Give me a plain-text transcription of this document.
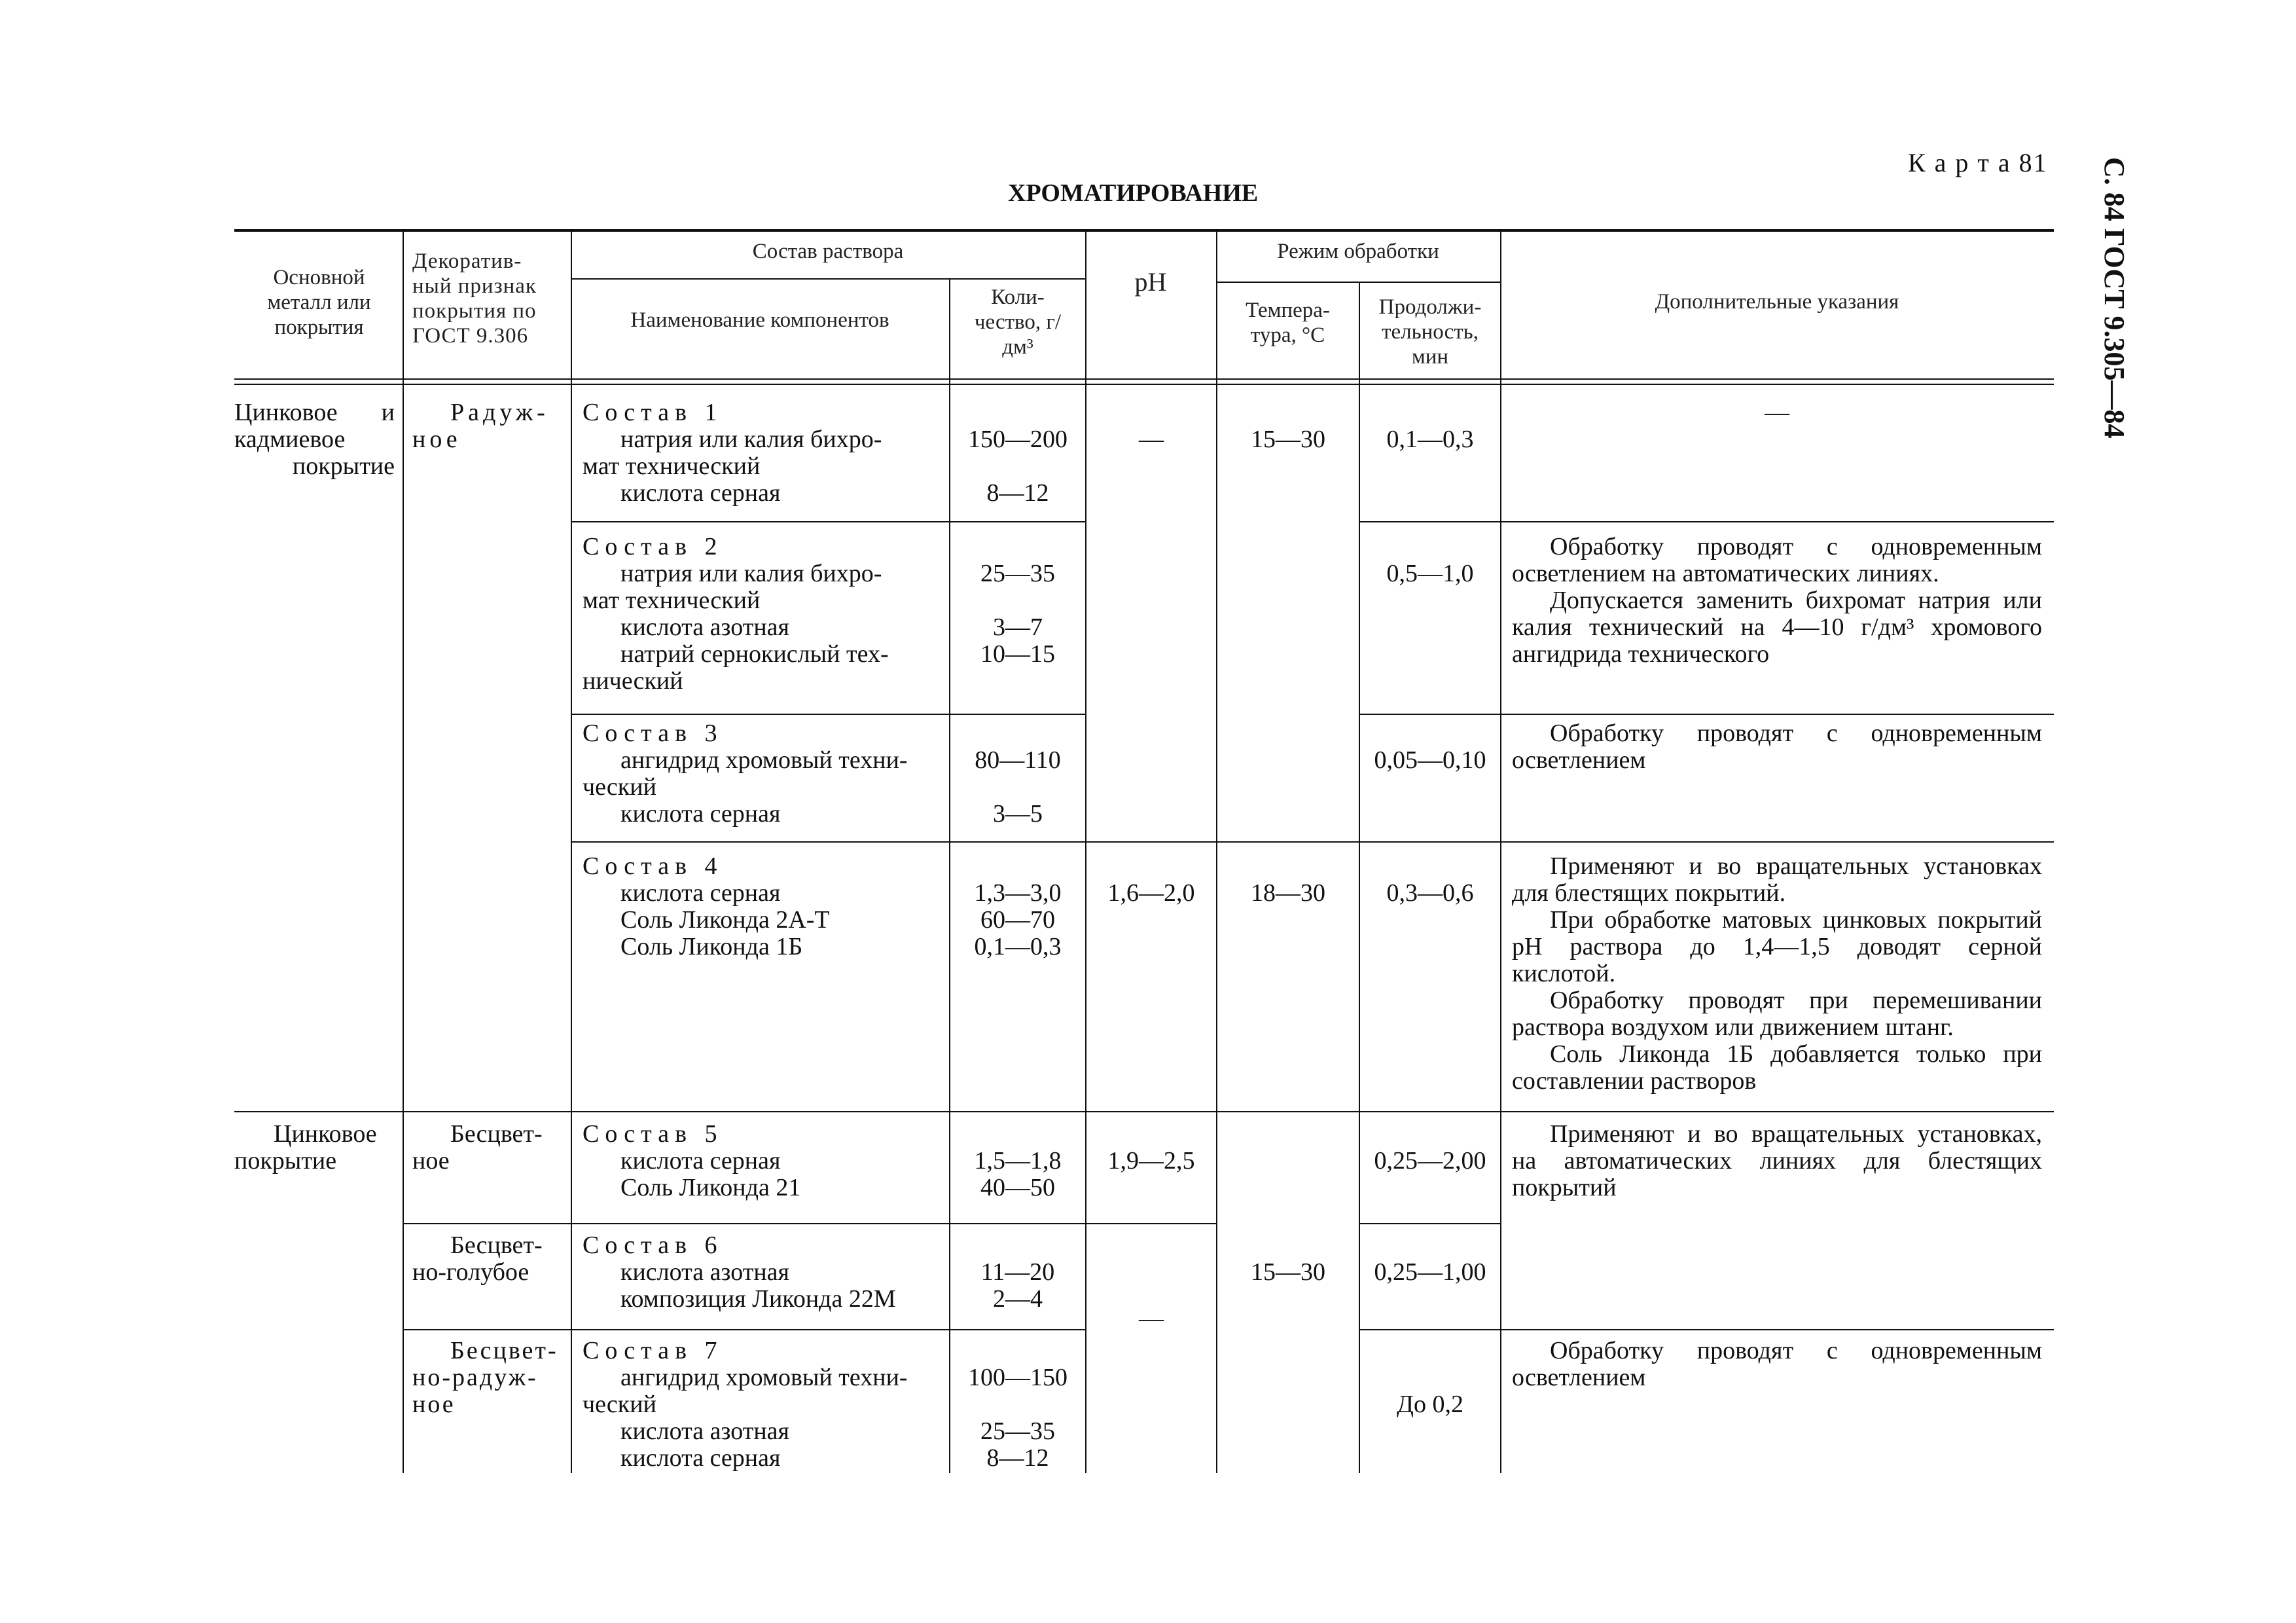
К а р т а 81 С. 84 ГОСТ 9.305—84
ХРОМАТИРОВАНИЕ
Основной металл или покрытия
Декоратив- ный признак покрытия по ГОСТ 9.306
Состав раствора
Наименование компонентов
Коли- чество, г/дм³
pH
Режим обработки
Темпера- тура, °С
Продолжи- тельность, мин
Дополнительные указания
Цинковое и кадмиевое покрытие
Цинковое покрытие
Радуж- ное
Бесцвет- ное
Бесцвет- но-голубое
Бесцвет- но-радуж- ное
Состав 1
натрия или калия бихро-
мат технический
кислота серная
Состав 2
натрия или калия бихро-
мат технический
кислота азотная
натрий сернокислый тех-
нический
Состав 3
ангидрид хромовый техни-
ческий
кислота серная
Состав 4
кислота серная
Соль Ликонда 2А-Т
Соль Ликонда 1Б
Состав 5
кислота серная
Соль Ликонда 21
Состав 6
кислота азотная
композиция Ликонда 22М
Состав 7
ангидрид хромовый техни-
ческий
кислота азотная
кислота серная
150—200
8—12
25—35
3—7
10—15
80—110
3—5
1,3—3,0
60—70
0,1—0,3
1,5—1,8
40—50
11—20
2—4
100—150
25—35
8—12
—
1,6—2,0
1,9—2,5
—
15—30
18—30
15—30
0,1—0,3
0,5—1,0
0,05—0,10
0,3—0,6
0,25—2,00
0,25—1,00
До 0,2
—

Обработку проводят с одновременным осветлением на автоматических линиях.

Допускается заменить бихромат натрия или калия технический на 4—10 г/дм³ хромового ангидрида технического

Обработку проводят с одновременным осветлением

Применяют и во вращательных установках для блестящих покрытий.

При обработке матовых цинковых покрытий pH раствора до 1,4—1,5 доводят серной кислотой.

Обработку проводят при перемешивании раствора воздухом или движением штанг.

Соль Ликонда 1Б добавляется только при составлении растворов

Применяют и во вращательных установках, на автоматических линиях для блестящих покрытий

Обработку проводят с одновременным осветлением
